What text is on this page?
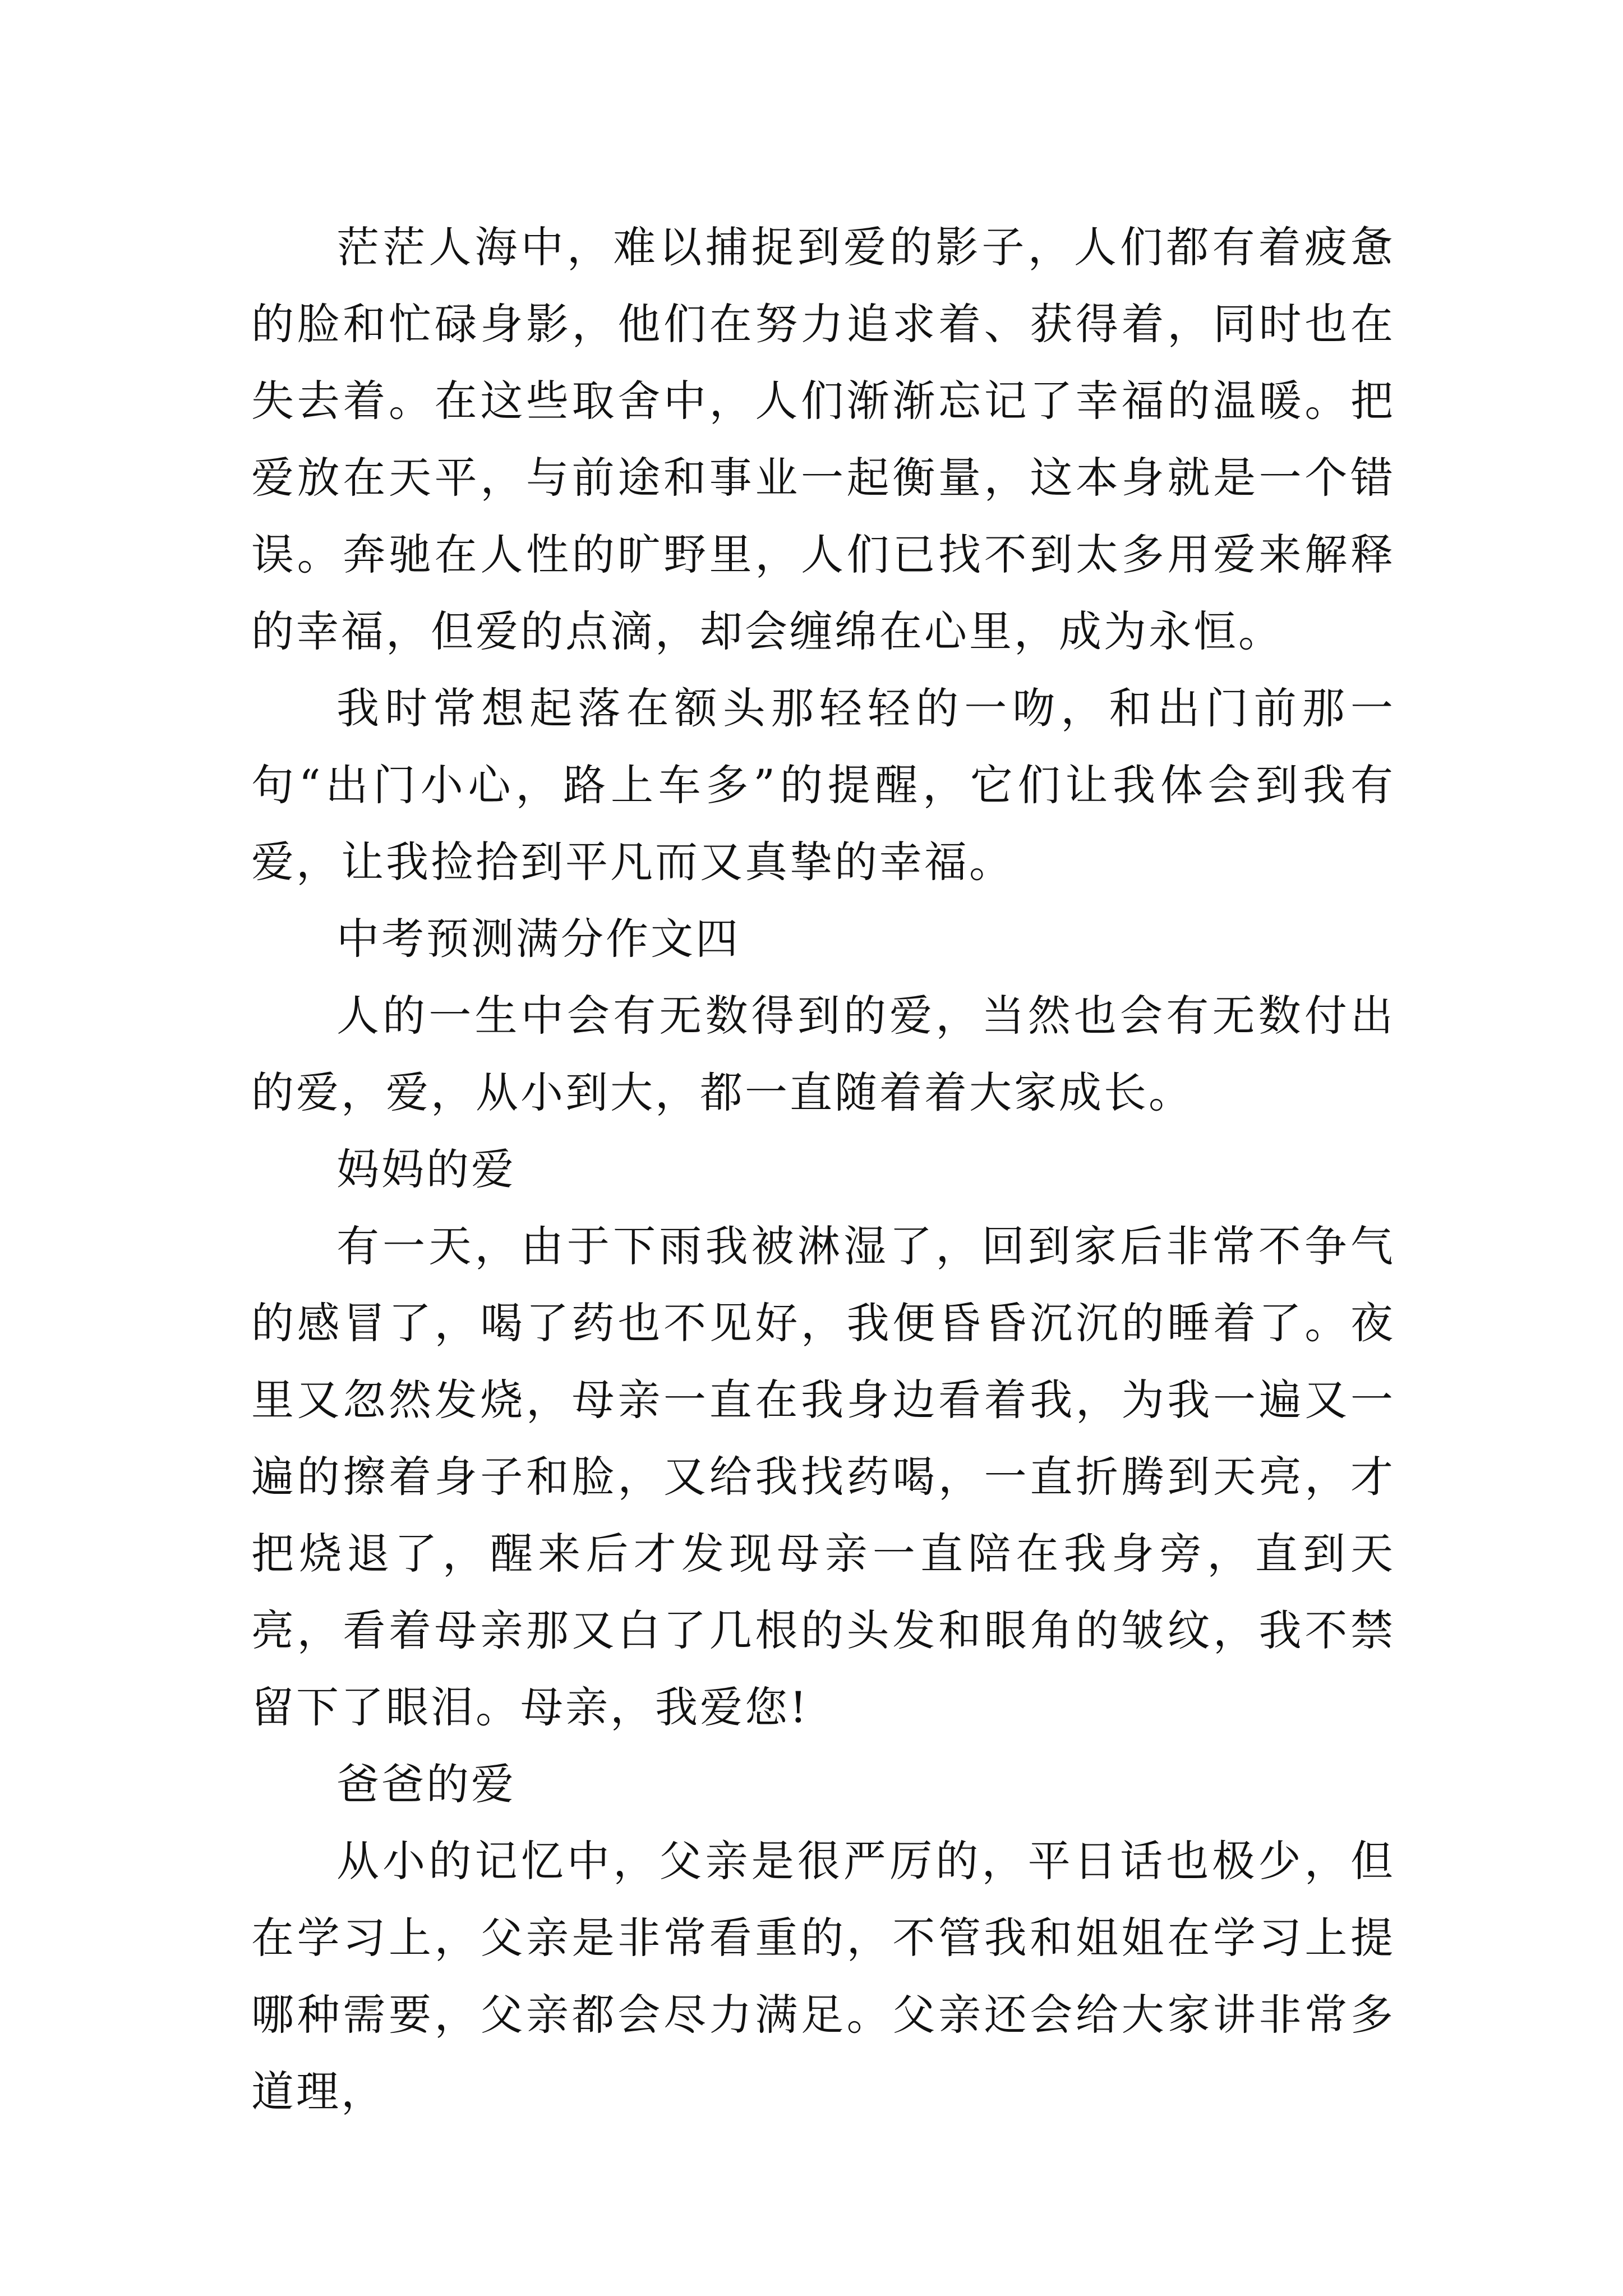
茫茫人海中，难以捕捉到爱的影子，人们都有着疲惫的脸和忙碌身影，他们在努力追求着、获得着，同时也在失去着。在这些取舍中，人们渐渐忘记了幸福的温暖。把爱放在天平，与前途和事业一起衡量，这本身就是一个错误。奔驰在人性的旷野里，人们已找不到太多用爱来解释的幸福，但爱的点滴，却会缠绵在心里，成为永恒。

我时常想起落在额头那轻轻的一吻，和出门前那一句“出门小心，路上车多”的提醒，它们让我体会到我有爱，让我捡拾到平凡而又真挚的幸福。

中考预测满分作文四

人的一生中会有无数得到的爱，当然也会有无数付出的爱，爱，从小到大，都一直随着着大家成长。

妈妈的爱

有一天，由于下雨我被淋湿了，回到家后非常不争气的感冒了，喝了药也不见好，我便昏昏沉沉的睡着了。夜里又忽然发烧，母亲一直在我身边看着我，为我一遍又一遍的擦着身子和脸，又给我找药喝，一直折腾到天亮，才把烧退了，醒来后才发现母亲一直陪在我身旁，直到天亮，看着母亲那又白了几根的头发和眼角的皱纹，我不禁留下了眼泪。母亲，我爱您!

爸爸的爱

从小的记忆中，父亲是很严厉的，平日话也极少，但在学习上，父亲是非常看重的，不管我和姐姐在学习上提哪种需要，父亲都会尽力满足。父亲还会给大家讲非常多道理，
